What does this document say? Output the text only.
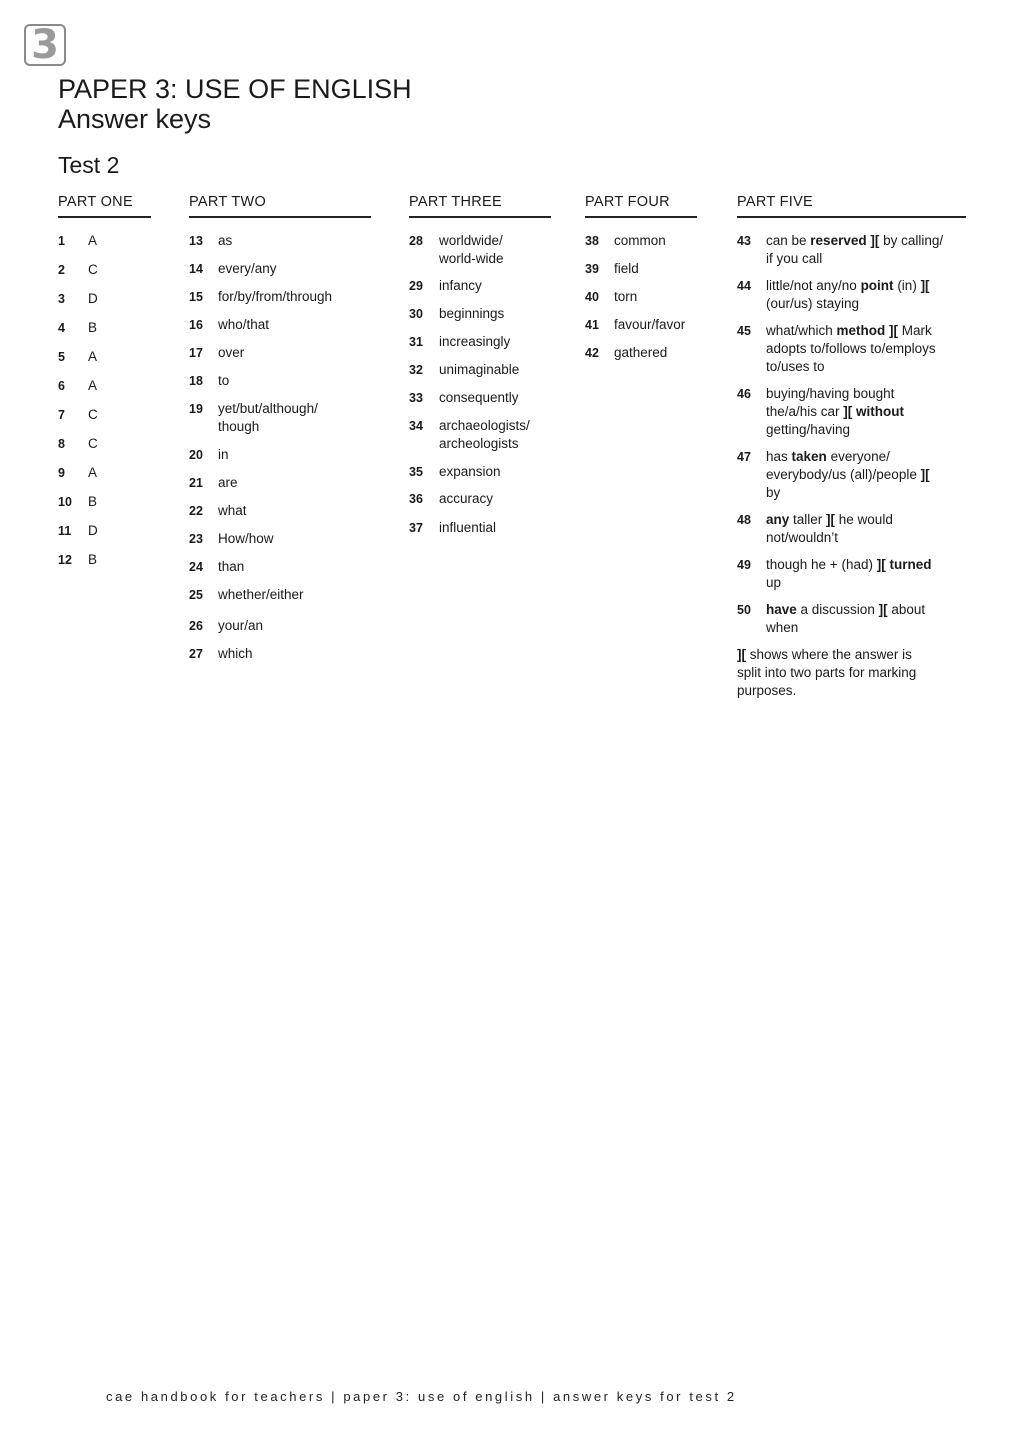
3
PAPER 3: USE OF ENGLISH
Answer keys
Test 2
PART ONE
1	A
2	C
3	D
4	B
5	A
6	A
7	C
8	C
9	A
10	B
11	D
12	B
PART TWO
13	as
14	every/any
15	for/by/from/through
16	who/that
17	over
18	to
19	yet/but/although/
though
20	in
21	are
22	what
23	How/how
24	than
25	whether/either
26	your/an
27	which
PART THREE
28	worldwide/
world-wide
29	infancy
30	beginnings
31	increasingly
32	unimaginable
33	consequently
34	archaeologists/
archeologists
35	expansion
36	accuracy
37	influential
PART FOUR
38	common
39	field
40	torn
41	favour/favor
42	gathered
PART FIVE
43	can be reserved ][ by calling/
if you call
44	little/not any/no point (in) ][
(our/us) staying
45	what/which method ][ Mark
adopts to/follows to/employs
to/uses to
46	buying/having bought
the/a/his car ][ without
getting/having
47	has taken everyone/
everybody/us (all)/people ][
by
48	any taller ][ he would
not/wouldn’t
49	though he + (had) ][ turned
up
50	have a discussion ][ about
when
][ shows where the answer is
split into two parts for marking
purposes.
cae handbook for teachers | paper 3: use of english | answer keys for test 2
